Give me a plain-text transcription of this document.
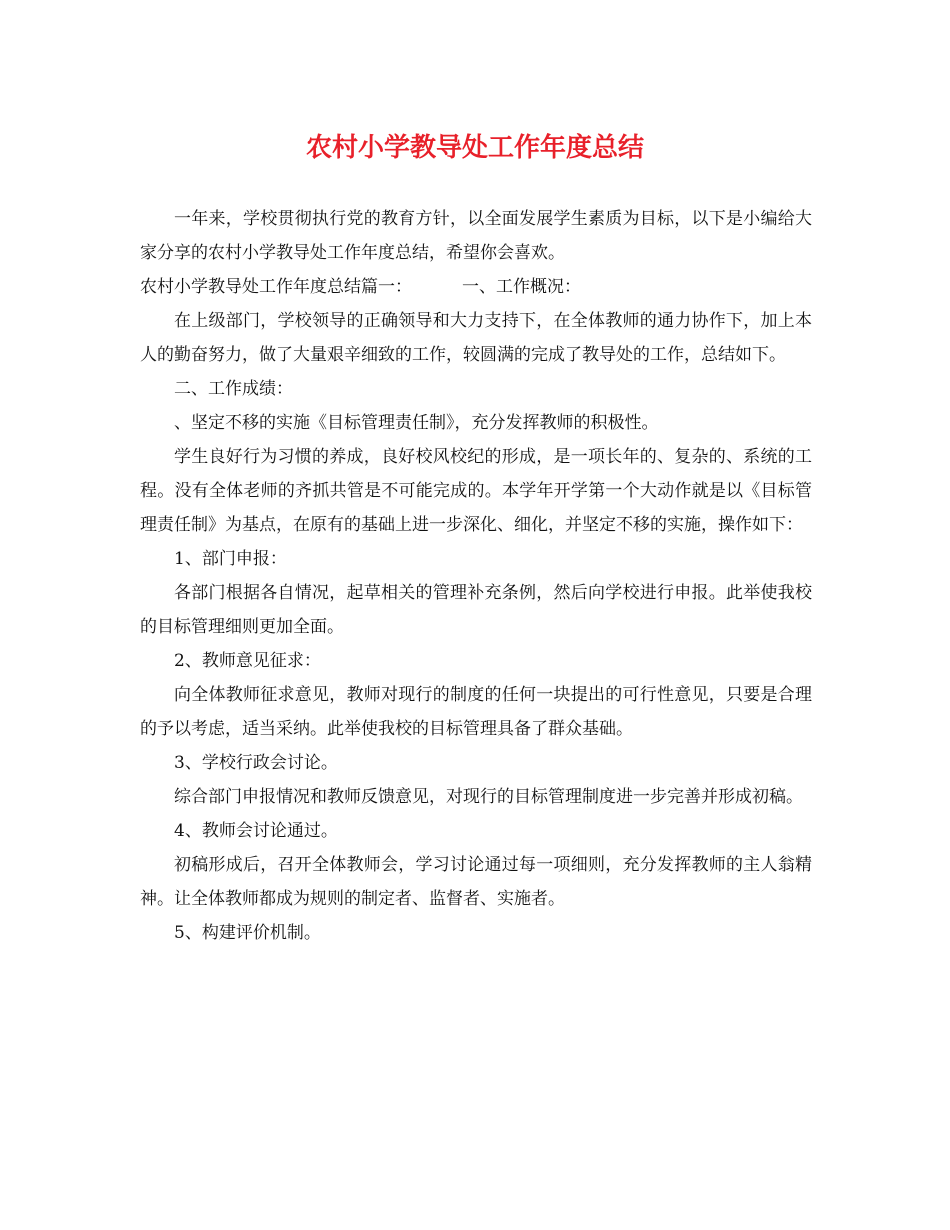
农村小学教导处工作年度总结

一年来，学校贯彻执行党的教育方针，以全面发展学生素质为目标，以下是小编给大家分享的农村小学教导处工作年度总结，希望你会喜欢。

农村小学教导处工作年度总结篇一：	一、工作概况：

在上级部门，学校领导的正确领导和大力支持下，在全体教师的通力协作下，加上本人的勤奋努力，做了大量艰辛细致的工作，较圆满的完成了教导处的工作，总结如下。

二、工作成绩：

、坚定不移的实施《目标管理责任制》，充分发挥教师的积极性。

学生良好行为习惯的养成，良好校风校纪的形成，是一项长年的、复杂的、系统的工程。没有全体老师的齐抓共管是不可能完成的。本学年开学第一个大动作就是以《目标管理责任制》为基点，在原有的基础上进一步深化、细化，并坚定不移的实施，操作如下：

1、部门申报：

各部门根据各自情况，起草相关的管理补充条例，然后向学校进行申报。此举使我校的目标管理细则更加全面。

2、教师意见征求：

向全体教师征求意见，教师对现行的制度的任何一块提出的可行性意见，只要是合理的予以考虑，适当采纳。此举使我校的目标管理具备了群众基础。

3、学校行政会讨论。

综合部门申报情况和教师反馈意见，对现行的目标管理制度进一步完善并形成初稿。

4、教师会讨论通过。

初稿形成后，召开全体教师会，学习讨论通过每一项细则，充分发挥教师的主人翁精神。让全体教师都成为规则的制定者、监督者、实施者。

5、构建评价机制。
